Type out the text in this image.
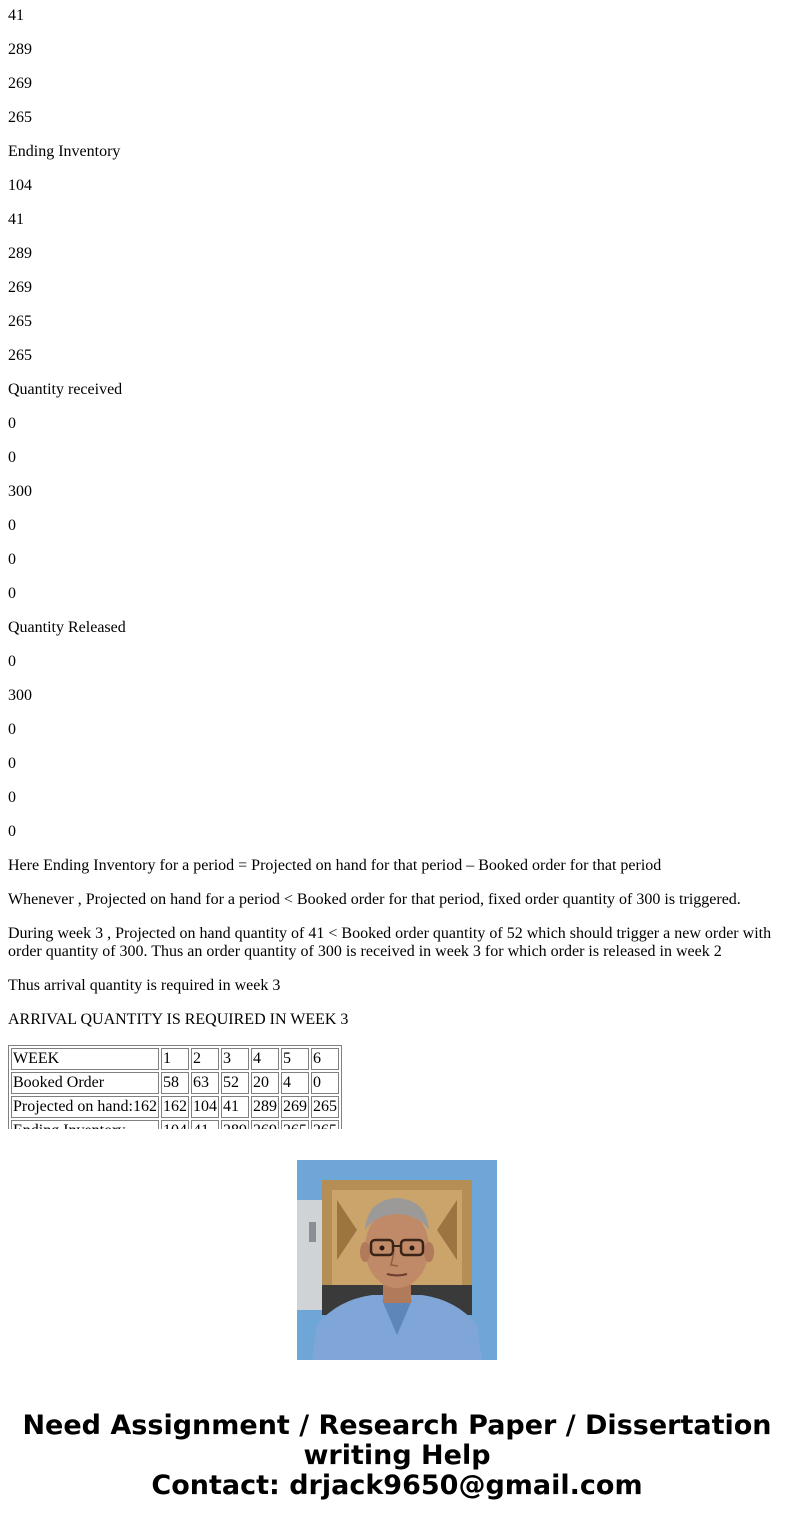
41

289

269

265

Ending Inventory

104

41

289

269

265

265

Quantity received

0

0

300

0

0

0

Quantity Released

0

300

0

0

0

0

Here Ending Inventory for a period = Projected on hand for that period – Booked order for that period

Whenever , Projected on hand for a period < Booked order for that period, fixed order quantity of 300 is triggered.

During week 3 , Projected on hand quantity of 41 < Booked order quantity of 52 which should trigger a new order with order quantity of 300. Thus an order quantity of 300 is received in week 3 for which order is released in week 2

Thus arrival quantity is required in week 3

ARRIVAL QUANTITY IS REQUIRED IN WEEK 3

WEEK	1	2	3	4	5	6
Booked Order	58	63	52	20	4	0
Projected on hand:162	162	104	41	289	269	265

Need Assignment / Research Paper / Dissertation
writing Help
Contact: drjack9650@gmail.com
